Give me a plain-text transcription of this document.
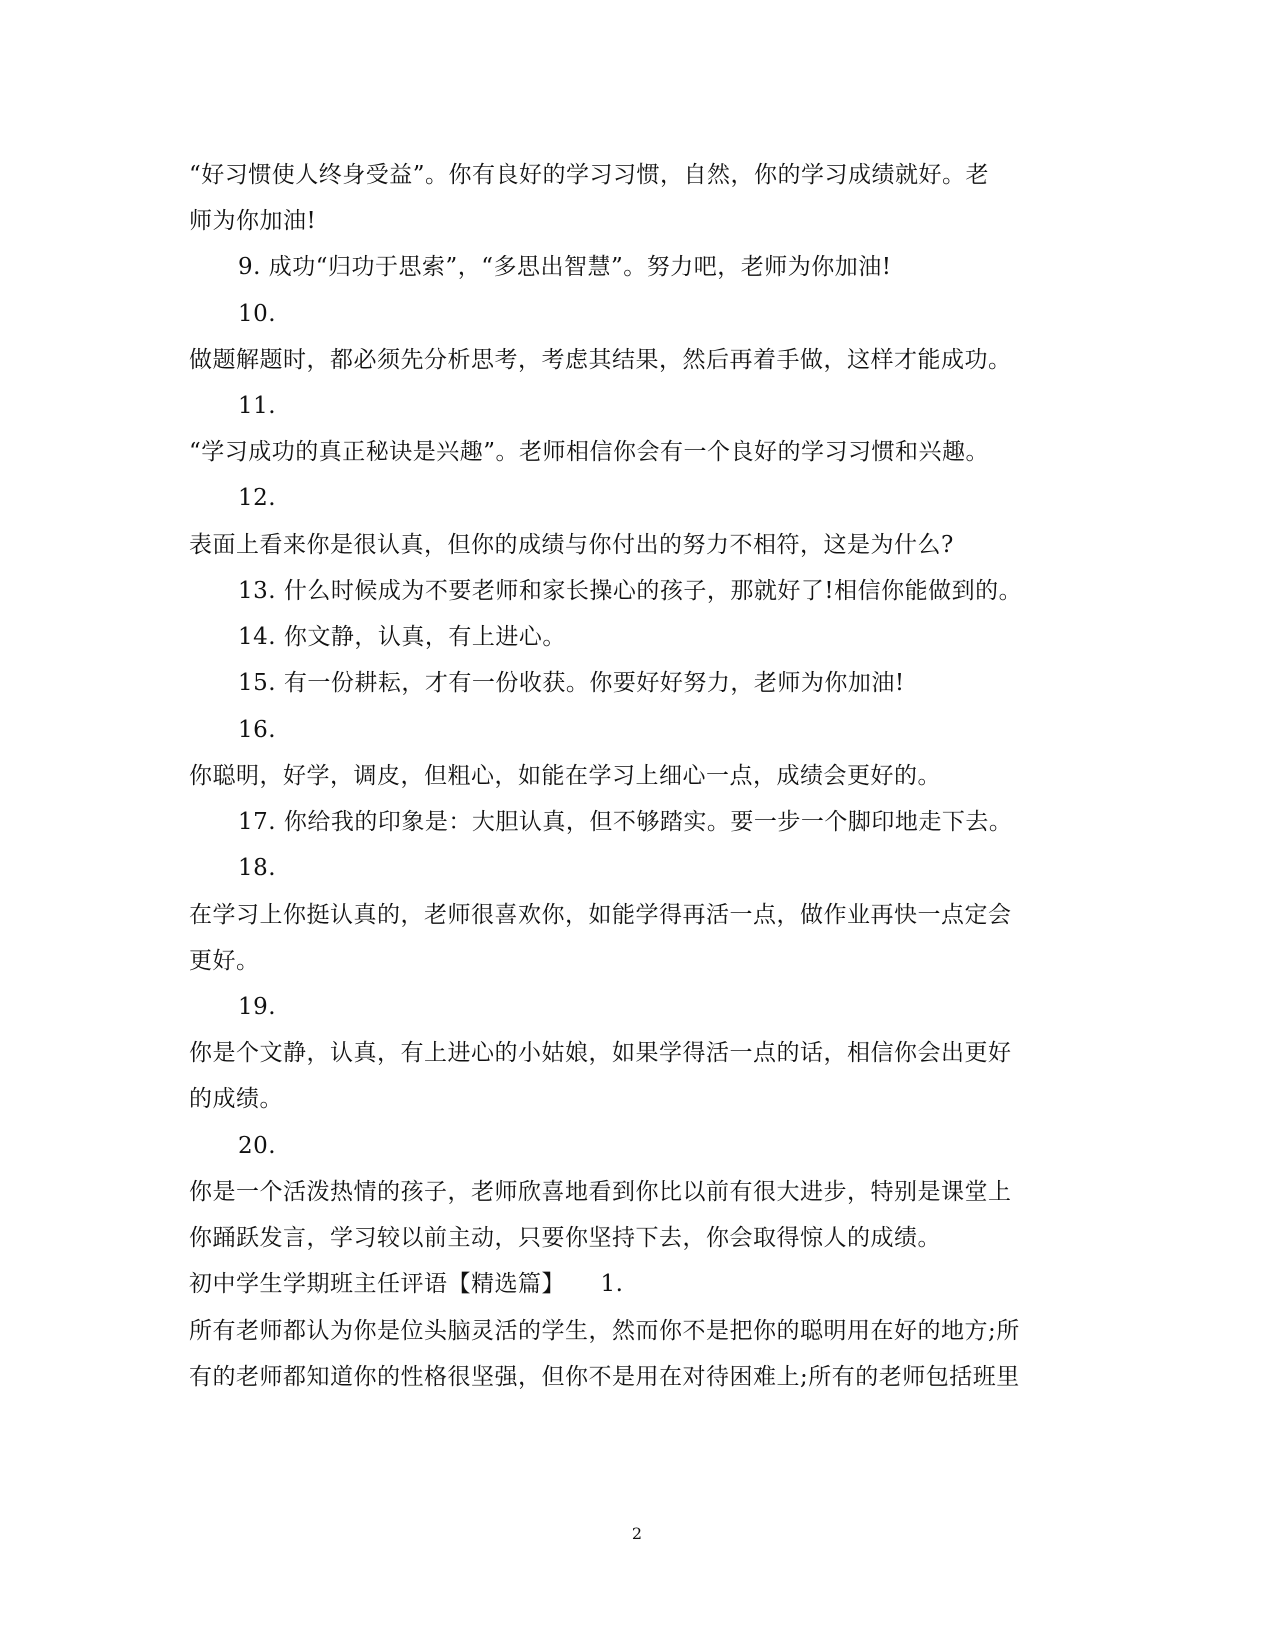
“好习惯使人终身受益”。你有良好的学习习惯，自然，你的学习成绩就好。老
师为你加油!
9. 成功“归功于思索”，“多思出智慧”。努力吧，老师为你加油!
10.
做题解题时，都必须先分析思考，考虑其结果，然后再着手做，这样才能成功。
11.
“学习成功的真正秘诀是兴趣”。老师相信你会有一个良好的学习习惯和兴趣。
12.
表面上看来你是很认真，但你的成绩与你付出的努力不相符，这是为什么?
13. 什么时候成为不要老师和家长操心的孩子，那就好了!相信你能做到的。
14. 你文静，认真，有上进心。
15. 有一份耕耘，才有一份收获。你要好好努力，老师为你加油!
16.
你聪明，好学，调皮，但粗心，如能在学习上细心一点，成绩会更好的。
17. 你给我的印象是：大胆认真，但不够踏实。要一步一个脚印地走下去。
18.
在学习上你挺认真的，老师很喜欢你，如能学得再活一点，做作业再快一点定会
更好。
19.
你是个文静，认真，有上进心的小姑娘，如果学得活一点的话，相信你会出更好
的成绩。
20.
你是一个活泼热情的孩子，老师欣喜地看到你比以前有很大进步，特别是课堂上
你踊跃发言，学习较以前主动，只要你坚持下去，你会取得惊人的成绩。
初中学生学期班主任评语【精选篇】　　1.
所有老师都认为你是位头脑灵活的学生，然而你不是把你的聪明用在好的地方;所
有的老师都知道你的性格很坚强，但你不是用在对待困难上;所有的老师包括班里
2
